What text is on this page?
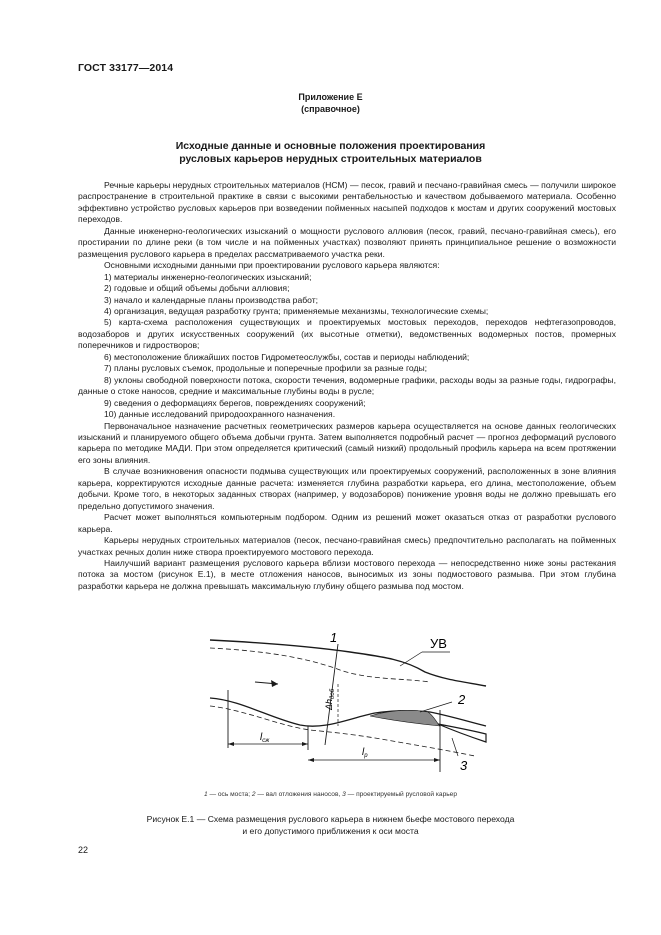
ГОСТ 33177—2014
Приложение Е
(справочное)
Исходные данные и основные положения проектирования
русловых карьеров нерудных строительных материалов

Речные карьеры нерудных строительных материалов (НСМ) — песок, гравий и песчано-гравийная смесь — получили широкое распространение в строительной практике в связи с высокими рентабельностью и качеством добываемого материала. Особенно эффективно устройство русловых карьеров при возведении пойменных насыпей подходов к мостам и других сооружений мостовых переходов.

Данные инженерно-геологических изысканий о мощности руслового аллювия (песок, гравий, песчано-гравийная смесь), его простирании по длине реки (в том числе и на пойменных участках) позволяют принять принципиальное решение о возможности размещения руслового карьера в пределах рассматриваемого участка реки.

Основными исходными данными при проектировании руслового карьера являются:

1) материалы инженерно-геологических изысканий;

2) годовые и общий объемы добычи аллювия;

3) начало и календарные планы производства работ;

4) организация, ведущая разработку грунта; применяемые механизмы, технологические схемы;

5) карта-схема расположения существующих и проектируемых мостовых переходов, переходов нефтегазопроводов, водозаборов и других искусственных сооружений (их высотные отметки), ведомственных водомерных постов, промерных поперечников и гидростворов;

6) местоположение ближайших постов Гидрометеослужбы, состав и периоды наблюдений;

7) планы русловых съемок, продольные и поперечные профили за разные годы;

8) уклоны свободной поверхности потока, скорости течения, водомерные графики, расходы воды за разные годы, гидрографы, данные о стоке наносов, средние и максимальные глубины воды в русле;

9) сведения о деформациях берегов, повреждениях сооружений;

10) данные исследований природоохранного назначения.

Первоначальное назначение расчетных геометрических размеров карьера осуществляется на основе данных геологических изысканий и планируемого общего объема добычи грунта. Затем выполняется подробный расчет — прогноз деформаций руслового карьера по методике МАДИ. При этом определяется критический (самый низкий) продольный профиль карьера на всем протяжении его зоны влияния.

В случае возникновения опасности подмыва существующих или проектируемых сооружений, расположенных в зоне влияния карьера, корректируются исходные данные расчета: изменяется глубина разработки карьера, его длина, местоположение, объем добычи. Кроме того, в некоторых заданных створах (например, у водозаборов) понижение уровня воды не должно превышать его предельно допустимого значения.

Расчет может выполняться компьютерным подбором. Одним из решений может оказаться отказ от разработки руслового карьера.

Карьеры нерудных строительных материалов (песок, песчано-гравийная смесь) предпочтительно располагать на пойменных участках речных долин ниже створа проектируемого мостового перехода.

Наилучший вариант размещения руслового карьера вблизи мостового перехода — непосредственно ниже зоны растекания потока за мостом (рисунок Е.1), в месте отложения наносов, выносимых из зоны подмостового размыва. При этом глубина разработки карьера не должна превышать максимальную глубину общего размыва под мостом.

1	УВ
2
3
$\Delta h_{доб}$
$l_{сж}$
$l_р$
1 — ось моста; 2 — вал отложения наносов, 3 — проектируемый русловой карьер
Рисунок Е.1 — Схема размещения руслового карьера в нижнем бьефе мостового перехода
и его допустимого приближения к оси моста
22
